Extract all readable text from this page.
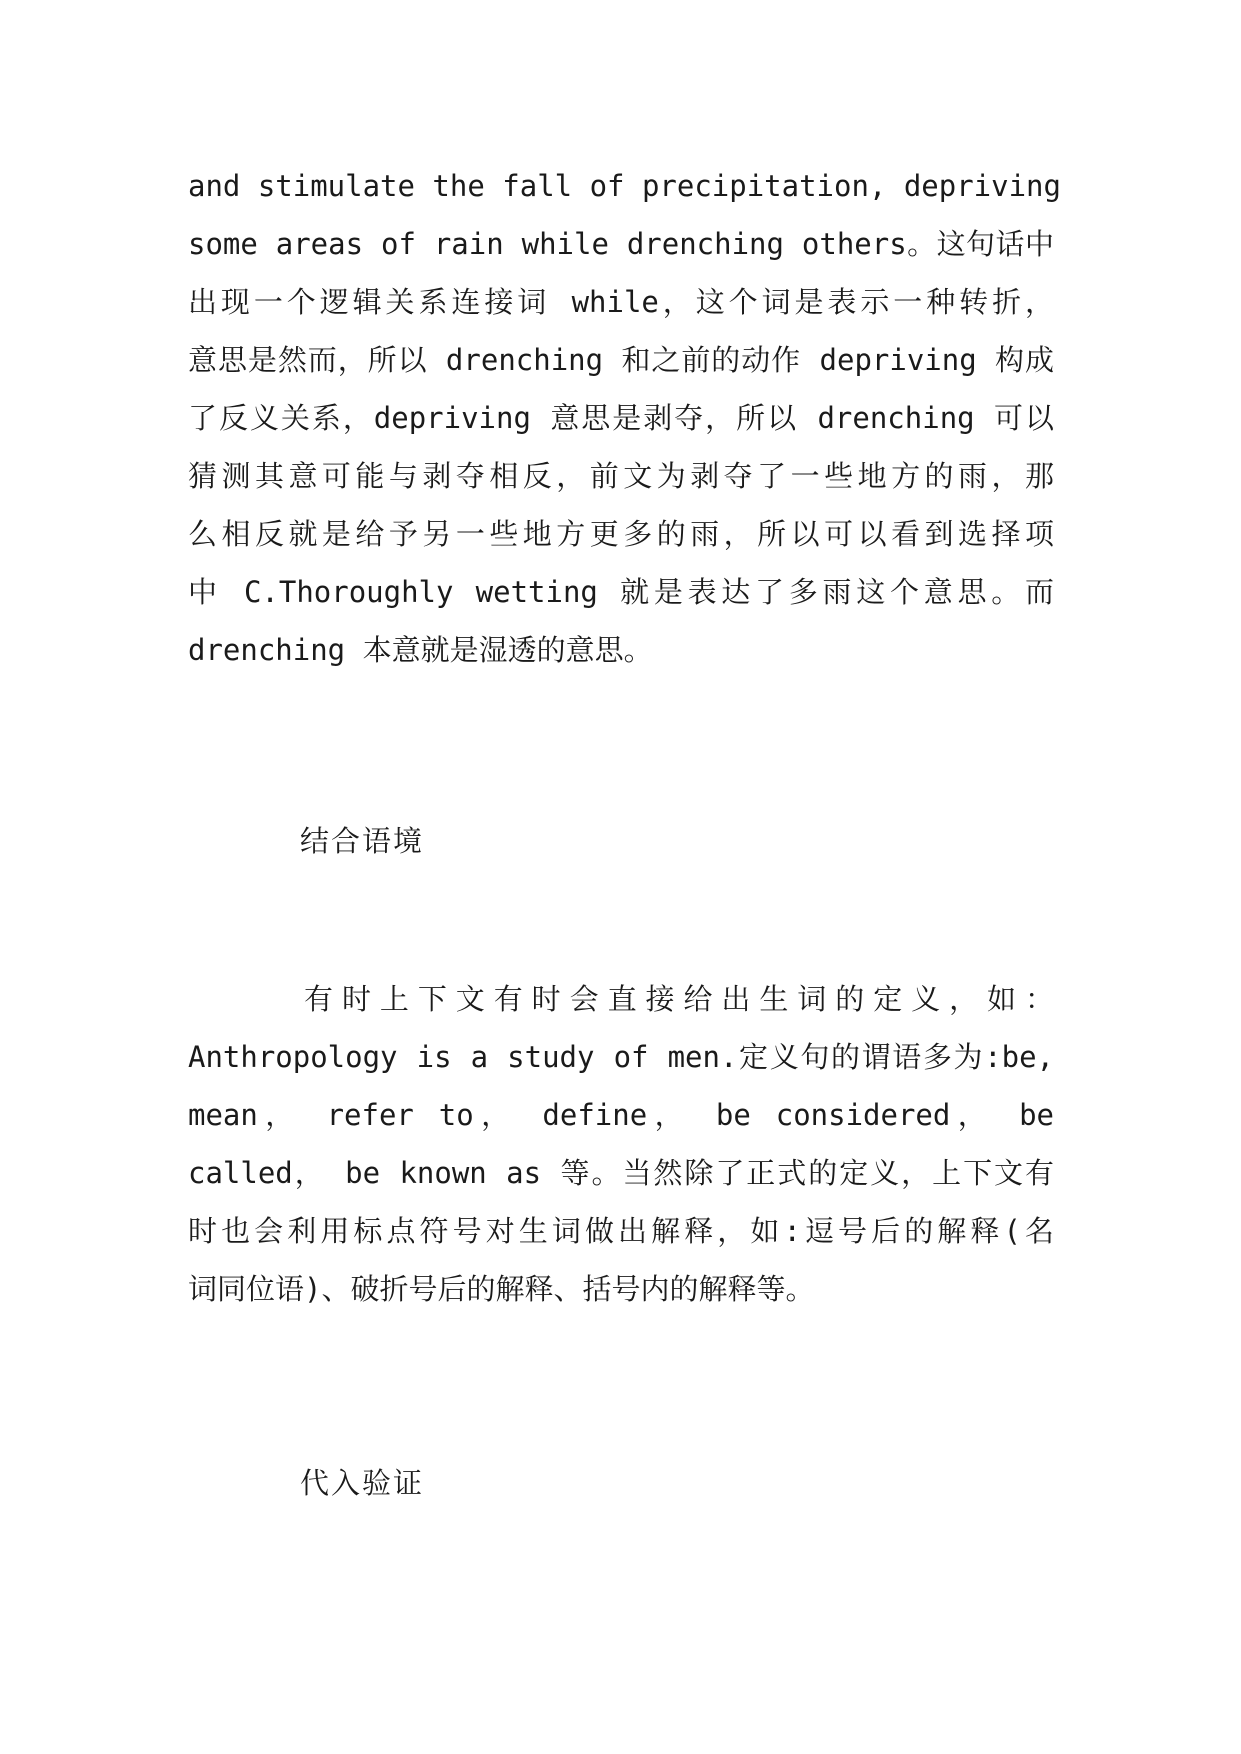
and stimulate the fall of precipitation, depriving
some areas of rain while drenching others。这句话中
出现一个逻辑关系连接词 while，这个词是表示一种转折，
意思是然而，所以 drenching 和之前的动作 depriving 构成
了反义关系，depriving 意思是剥夺，所以 drenching 可以
猜测其意可能与剥夺相反，前文为剥夺了一些地方的雨，那
么相反就是给予另一些地方更多的雨，所以可以看到选择项
中 C.Thoroughly wetting 就是表达了多雨这个意思。而
drenching 本意就是湿透的意思。
结合语境
有时上下文有时会直接给出生词的定义，如：
Anthropology is a study of men.定义句的谓语多为:be,
mean， refer to， define， be considered， be
called， be known as 等。当然除了正式的定义，上下文有
时也会利用标点符号对生词做出解释，如:逗号后的解释(名
词同位语)、破折号后的解释、括号内的解释等。
代入验证
